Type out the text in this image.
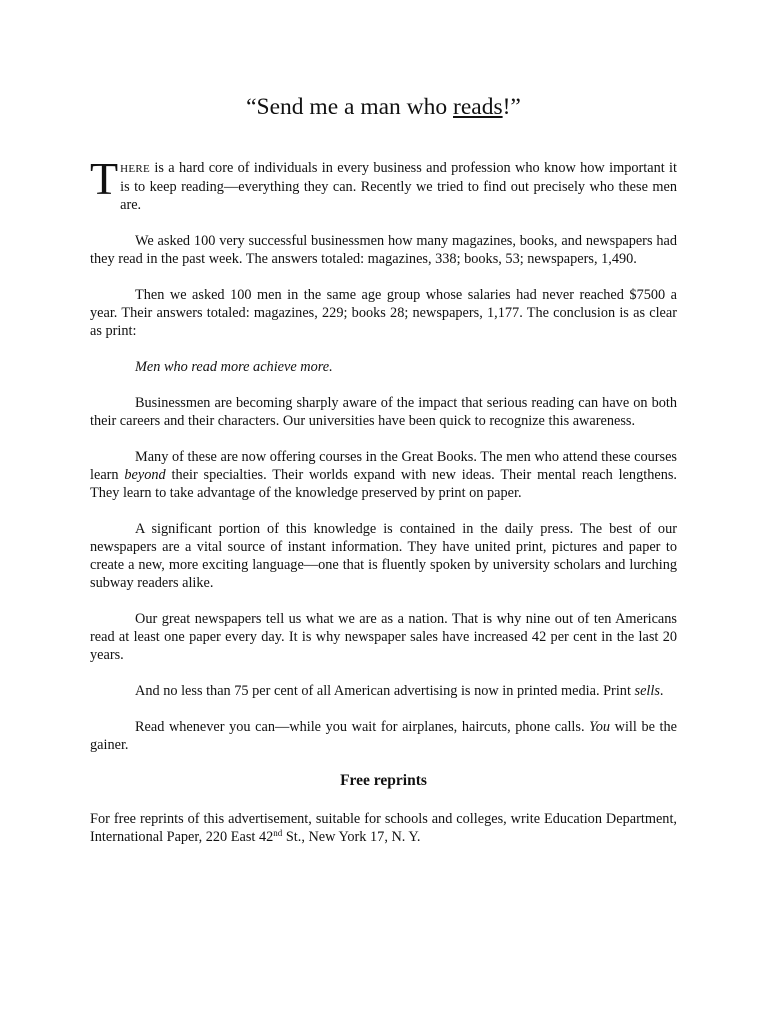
“Send me a man who reads!”

THERE is a hard core of individuals in every business and profession who know how important it is to keep reading—everything they can. Recently we tried to find out precisely who these men are.

We asked 100 very successful businessmen how many magazines, books, and newspapers had they read in the past week. The answers totaled: magazines, 338; books, 53; newspapers, 1,490.

Then we asked 100 men in the same age group whose salaries had never reached $7500 a year. Their answers totaled: magazines, 229; books 28; newspapers, 1,177. The conclusion is as clear as print:

Men who read more achieve more.

Businessmen are becoming sharply aware of the impact that serious reading can have on both their careers and their characters. Our universities have been quick to recognize this awareness.

Many of these are now offering courses in the Great Books. The men who attend these courses learn beyond their specialties. Their worlds expand with new ideas. Their mental reach lengthens. They learn to take advantage of the knowledge preserved by print on paper.

A significant portion of this knowledge is contained in the daily press. The best of our newspapers are a vital source of instant information. They have united print, pictures and paper to create a new, more exciting language—one that is fluently spoken by university scholars and lurching subway readers alike.

Our great newspapers tell us what we are as a nation. That is why nine out of ten Americans read at least one paper every day. It is why newspaper sales have increased 42 per cent in the last 20 years.

And no less than 75 per cent of all American advertising is now in printed media. Print sells.

Read whenever you can—while you wait for airplanes, haircuts, phone calls. You will be the gainer.

Free reprints

For free reprints of this advertisement, suitable for schools and colleges, write Education Department, International Paper, 220 East 42nd St., New York 17, N. Y.
